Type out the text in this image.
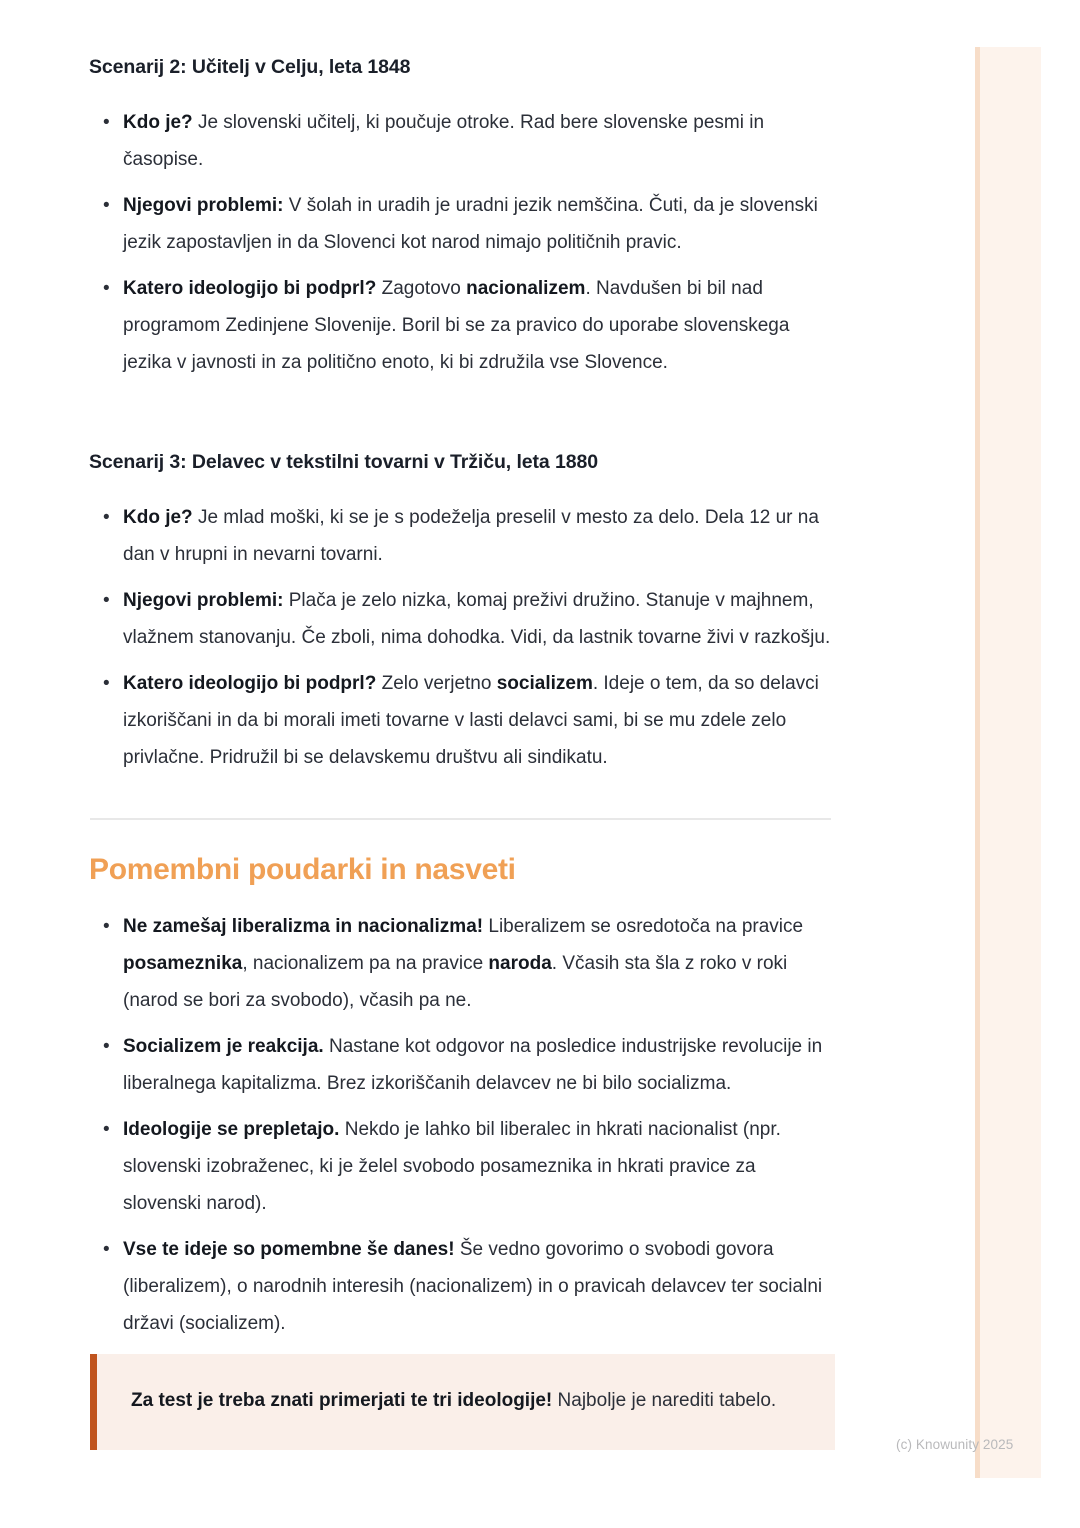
Scenarij 2: Učitelj v Celju, leta 1848
• Kdo je? Je slovenski učitelj, ki poučuje otroke. Rad bere slovenske pesmi in časopise.
• Njegovi problemi: V šolah in uradih je uradni jezik nemščina. Čuti, da je slovenski jezik zapostavljen in da Slovenci kot narod nimajo političnih pravic.
• Katero ideologijo bi podprl? Zagotovo nacionalizem. Navdušen bi bil nad programom Zedinjene Slovenije. Boril bi se za pravico do uporabe slovenskega jezika v javnosti in za politično enoto, ki bi združila vse Slovence.
Scenarij 3: Delavec v tekstilni tovarni v Tržiču, leta 1880
• Kdo je? Je mlad moški, ki se je s podeželja preselil v mesto za delo. Dela 12 ur na dan v hrupni in nevarni tovarni.
• Njegovi problemi: Plača je zelo nizka, komaj preživi družino. Stanuje v majhnem, vlažnem stanovanju. Če zboli, nima dohodka. Vidi, da lastnik tovarne živi v razkošju.
• Katero ideologijo bi podprl? Zelo verjetno socializem. Ideje o tem, da so delavci izkoriščani in da bi morali imeti tovarne v lasti delavci sami, bi se mu zdele zelo privlačne. Pridružil bi se delavskemu društvu ali sindikatu.
Pomembni poudarki in nasveti
• Ne zamešaj liberalizma in nacionalizma! Liberalizem se osredotoča na pravice posameznika, nacionalizem pa na pravice naroda. Včasih sta šla z roko v roki (narod se bori za svobodo), včasih pa ne.
• Socializem je reakcija. Nastane kot odgovor na posledice industrijske revolucije in liberalnega kapitalizma. Brez izkoriščanih delavcev ne bi bilo socializma.
• Ideologije se prepletajo. Nekdo je lahko bil liberalec in hkrati nacionalist (npr. slovenski izobraženec, ki je želel svobodo posameznika in hkrati pravice za slovenski narod).
• Vse te ideje so pomembne še danes! Še vedno govorimo o svobodi govora (liberalizem), o narodnih interesih (nacionalizem) in o pravicah delavcev ter socialni državi (socializem).

Za test je treba znati primerjati te tri ideologije! Najbolje je narediti tabelo.

(c) Knowunity 2025
